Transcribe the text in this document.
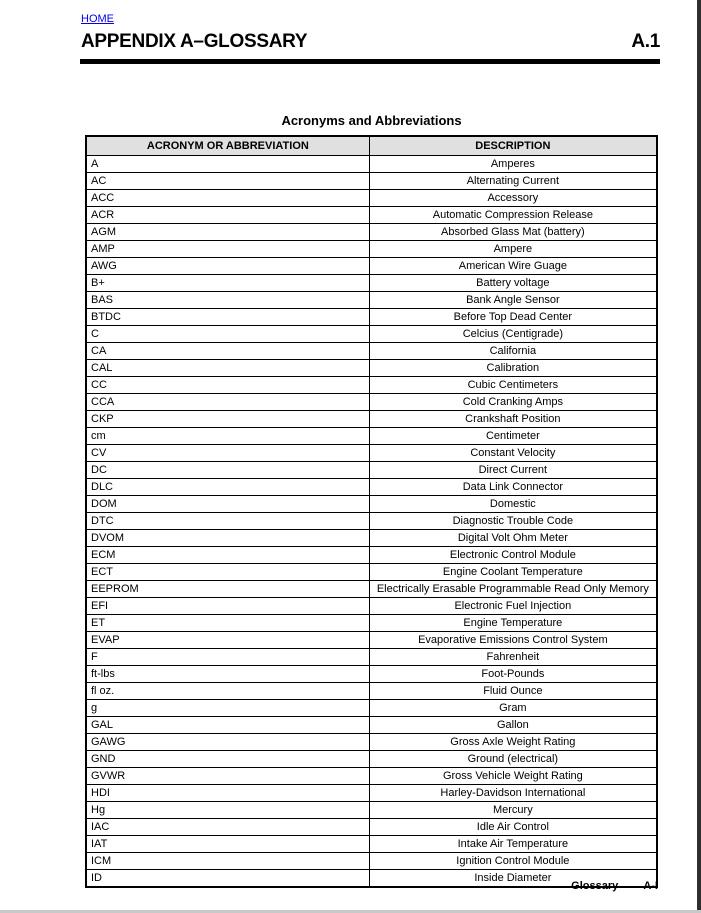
HOME
APPENDIX A–GLOSSARY	A.1
Acronyms and Abbreviations
ACRONYM OR ABBREVIATION	DESCRIPTION
A	Amperes
AC	Alternating Current
ACC	Accessory
ACR	Automatic Compression Release
AGM	Absorbed Glass Mat (battery)
AMP	Ampere
AWG	American Wire Guage
B+	Battery voltage
BAS	Bank Angle Sensor
BTDC	Before Top Dead Center
C	Celcius (Centigrade)
CA	California
CAL	Calibration
CC	Cubic Centimeters
CCA	Cold Cranking Amps
CKP	Crankshaft Position
cm	Centimeter
CV	Constant Velocity
DC	Direct Current
DLC	Data Link Connector
DOM	Domestic
DTC	Diagnostic Trouble Code
DVOM	Digital Volt Ohm Meter
ECM	Electronic Control Module
ECT	Engine Coolant Temperature
EEPROM	Electrically Erasable Programmable Read Only Memory
EFI	Electronic Fuel Injection
ET	Engine Temperature
EVAP	Evaporative Emissions Control System
F	Fahrenheit
ft-lbs	Foot-Pounds
fl oz.	Fluid Ounce
g	Gram
GAL	Gallon
GAWG	Gross Axle Weight Rating
GND	Ground (electrical)
GVWR	Gross Vehicle Weight Rating
HDI	Harley-Davidson International
Hg	Mercury
IAC	Idle Air Control
IAT	Intake Air Temperature
ICM	Ignition Control Module
ID	Inside Diameter
Glossary A-I
